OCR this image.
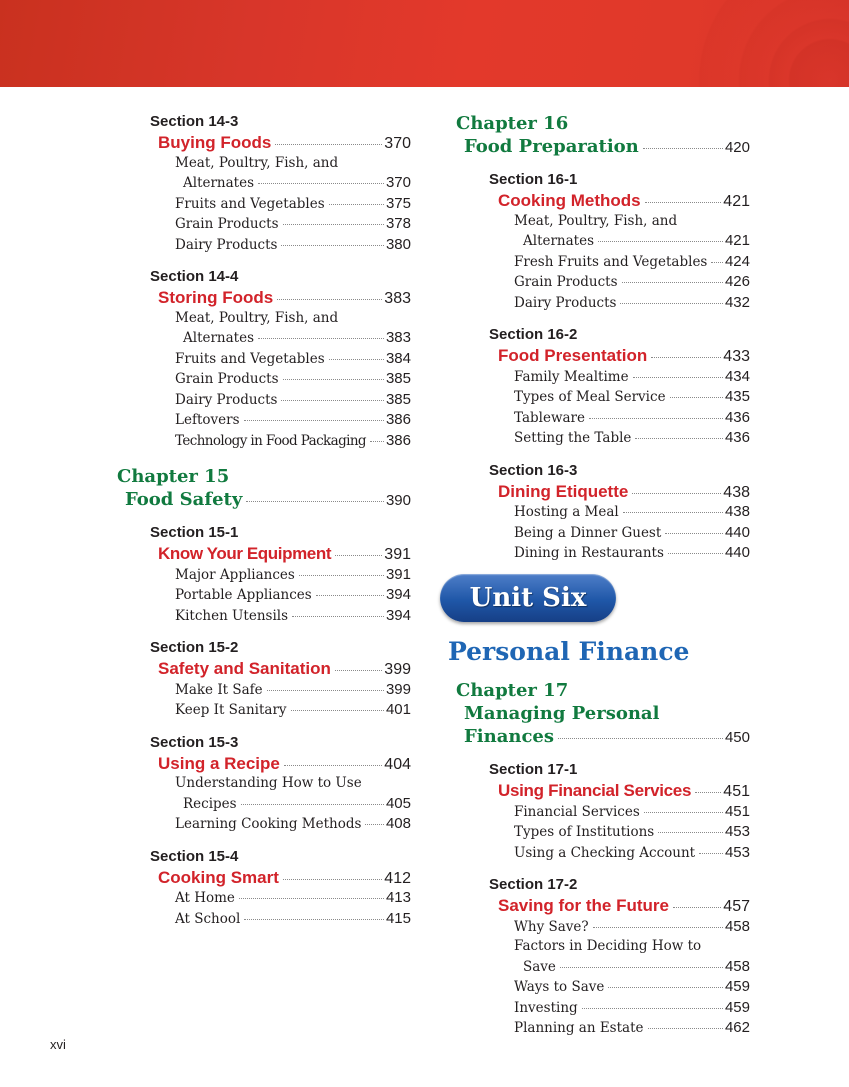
Section 14-3
Buying Foods	370
Meat, Poultry, Fish, and
Alternates	370
Fruits and Vegetables	375
Grain Products	378
Dairy Products	380
Section 14-4
Storing Foods	383
Meat, Poultry, Fish, and
Alternates	383
Fruits and Vegetables	384
Grain Products	385
Dairy Products	385
Leftovers	386
Technology in Food Packaging 386
Chapter 15
Food Safety	390
Section 15-1
Know Your Equipment	391
Major Appliances	391
Portable Appliances	394
Kitchen Utensils	394
Section 15-2
Safety and Sanitation	399
Make It Safe	399
Keep It Sanitary	401
Section 15-3
Using a Recipe	404
Understanding How to Use
Recipes	405
Learning Cooking Methods 408
Section 15-4
Cooking Smart	412
At Home	413
At School	415
Chapter 16
Food Preparation	420
Section 16-1
Cooking Methods	421
Meat, Poultry, Fish, and
Alternates	421
Fresh Fruits and Vegetables 424
Grain Products	426
Dairy Products	432
Section 16-2
Food Presentation	433
Family Mealtime	434
Types of Meal Service	435
Tableware	436
Setting the Table	436
Section 16-3
Dining Etiquette	438
Hosting a Meal	438
Being a Dinner Guest	440
Dining in Restaurants	440
Unit Six
Personal Finance
Chapter 17
Managing Personal
Finances	450
Section 17-1
Using Financial Services 451
Financial Services	451
Types of Institutions	453
Using a Checking Account 453
Section 17-2
Saving for the Future	457
Why Save?	458
Factors in Deciding How to
Save	458
Ways to Save	459
Investing	459
Planning an Estate	462
xvi
